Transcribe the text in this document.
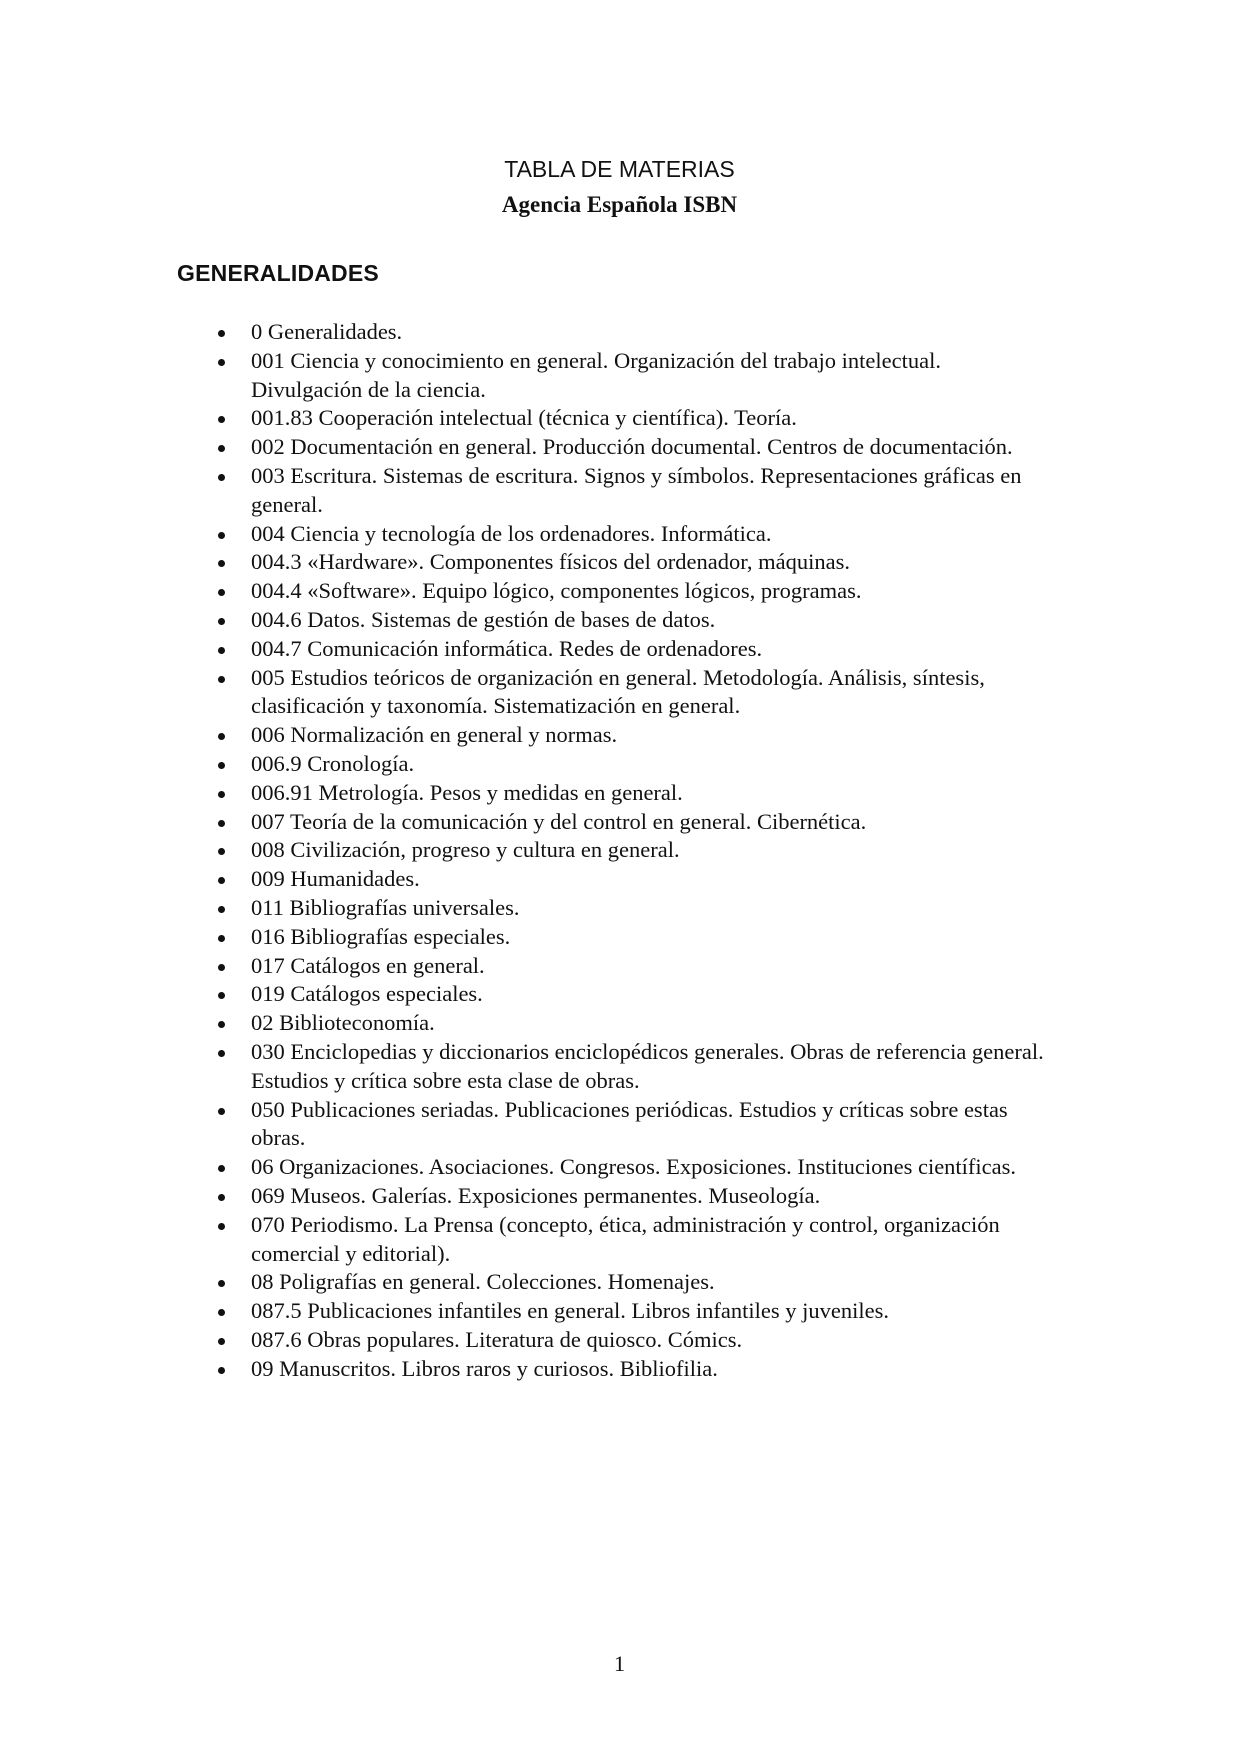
TABLA DE MATERIAS
Agencia Española ISBN
GENERALIDADES
0 Generalidades.
001 Ciencia y conocimiento en general. Organización del trabajo intelectual. Divulgación de la ciencia.
001.83 Cooperación intelectual (técnica y científica). Teoría.
002 Documentación en general. Producción documental. Centros de documentación.
003 Escritura. Sistemas de escritura. Signos y símbolos. Representaciones gráficas en general.
004 Ciencia y tecnología de los ordenadores. Informática.
004.3 «Hardware». Componentes físicos del ordenador, máquinas.
004.4 «Software». Equipo lógico, componentes lógicos, programas.
004.6 Datos. Sistemas de gestión de bases de datos.
004.7 Comunicación informática. Redes de ordenadores.
005 Estudios teóricos de organización en general. Metodología. Análisis, síntesis, clasificación y taxonomía. Sistematización en general.
006 Normalización en general y normas.
006.9 Cronología.
006.91 Metrología. Pesos y medidas en general.
007 Teoría de la comunicación y del control en general. Cibernética.
008 Civilización, progreso y cultura en general.
009 Humanidades.
011 Bibliografías universales.
016 Bibliografías especiales.
017 Catálogos en general.
019 Catálogos especiales.
02 Biblioteconomía.
030 Enciclopedias y diccionarios enciclopédicos generales. Obras de referencia general. Estudios y crítica sobre esta clase de obras.
050 Publicaciones seriadas. Publicaciones periódicas. Estudios y críticas sobre estas obras.
06 Organizaciones. Asociaciones. Congresos. Exposiciones. Instituciones científicas.
069 Museos. Galerías. Exposiciones permanentes. Museología.
070 Periodismo. La Prensa (concepto, ética, administración y control, organización comercial y editorial).
08 Poligrafías en general. Colecciones. Homenajes.
087.5 Publicaciones infantiles en general. Libros infantiles y juveniles.
087.6 Obras populares. Literatura de quiosco. Cómics.
09 Manuscritos. Libros raros y curiosos. Bibliofilia.
1
